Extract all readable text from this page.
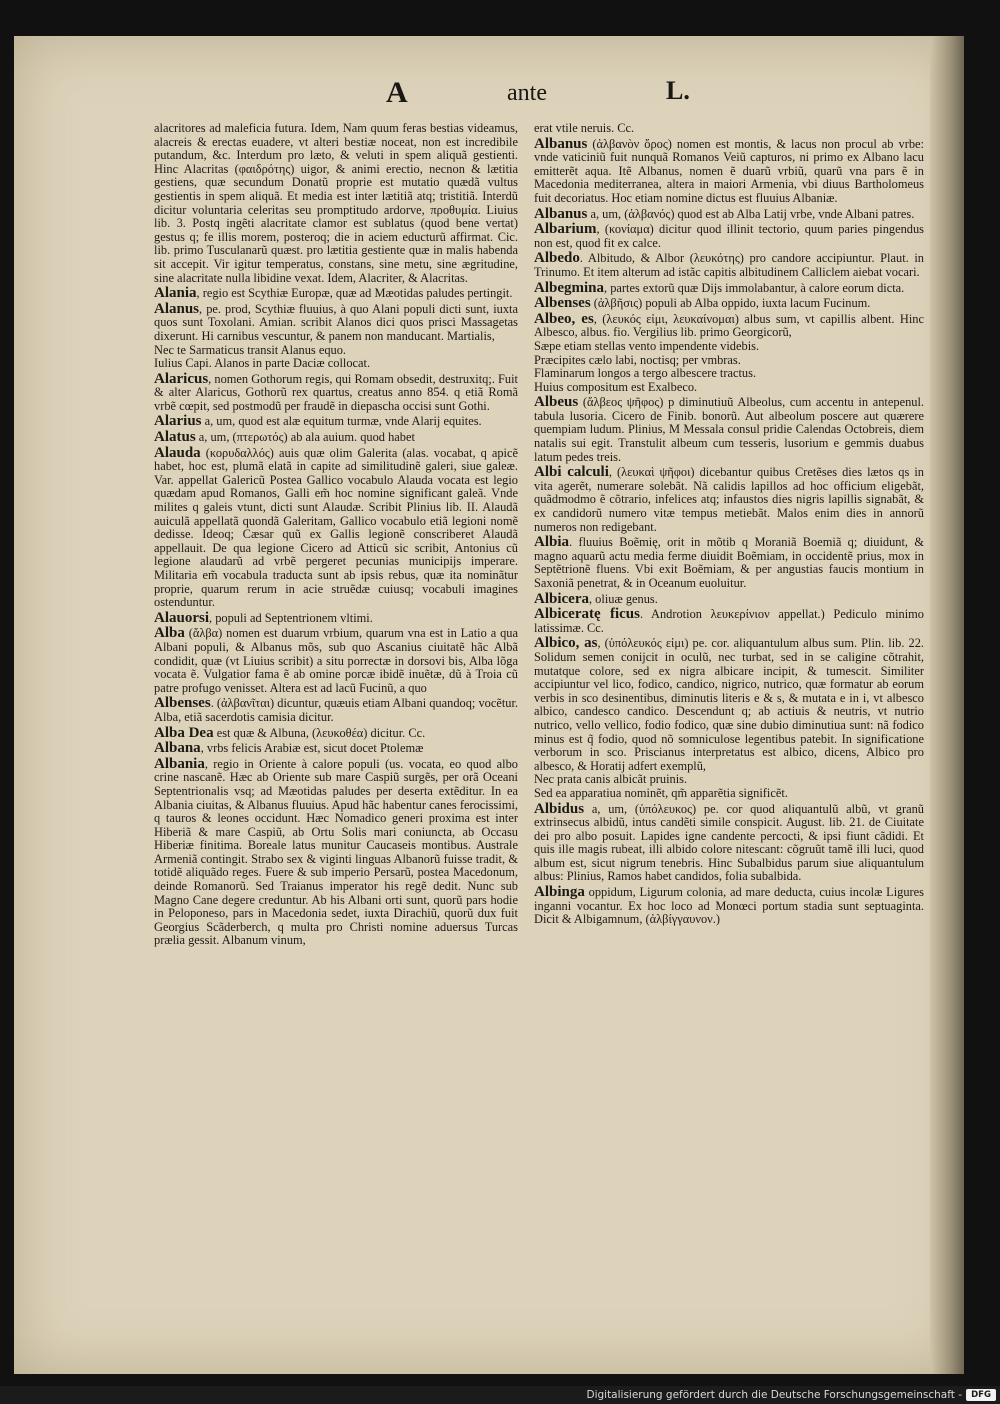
A	ante	L.

alacritores ad maleficia futura. Idem, Nam quum feras bestias videamus, alacreis & erectas euadere, vt alteri bestiæ noceat, non est incredibile putandum, &c. Interdum pro læto, & veluti in spem aliquã gestienti. Hinc Alacritas (φαιδρότης) uigor, & animi erectio, necnon & lætitia gestiens, quæ secundum Donatũ proprie est mutatio quædã vultus gestientis in spem aliquã. Et media est inter lætitiã atq; tristitiã. Interdũ dicitur voluntaria celeritas seu promptitudo ardorve, προθυμία. Liuius lib. 3. Postq ingẽti alacritate clamor est sublatus (quod bene vertat) gestus q; fe illis morem, posteroq; die in aciem educturũ affirmat. Cic. lib. primo Tusculanarũ quæst. pro lætitia gestiente quæ in malis habenda sit accepit. Vir igitur temperatus, constans, sine metu, sine ægritudine, sine alacritate nulla libidine vexat. Idem, Alacriter, & Alacritas.

Alania, regio est Scythiæ Europæ, quæ ad Mæotidas paludes pertingit.

Alanus, pe. prod, Scythiæ fluuius, à quo Alani populi dicti sunt, iuxta quos sunt Toxolani. Amian. scribit Alanos dici quos prisci Massagetas dixerunt. Hi carnibus vescuntur, & panem non manducant. Martialis,
Nec te Sarmaticus transit Alanus equo.
Iulius Capi. Alanos in parte Daciæ collocat.

Alaricus, nomen Gothorum regis, qui Romam obsedit, destruxitq;. Fuit & alter Alaricus, Gothorũ rex quartus, creatus anno 854. q etiã Romã vrbẽ cœpit, sed postmodũ per fraudẽ in diepascha occisi sunt Gothi.

Alarius a, um, quod est alæ equitum turmæ, vnde Alarij equites.

Alatus a, um, (πτερωτός) ab ala auium. quod habet

Alauda (κορυδαλλός) auis quæ olim Galerita (alas. vocabat, q apicẽ habet, hoc est, plumã elatã in capite ad similitudinẽ galeri, siue galeæ. Var. appellat Galericũ Postea Gallico vocabulo Alauda vocata est legio quædam apud Romanos, Galli em̃ hoc nomine significant galeã. Vnde milites q galeis vtunt, dicti sunt Alaudæ. Scribit Plinius lib. II. Alaudã auiculã appellatã quondã Galeritam, Gallico vocabulo etiã legioni nomẽ dedisse. Ideoq; Cæsar quũ ex Gallis legionẽ conscriberet Alaudã appellauit. De qua legione Cicero ad Atticũ sic scribit, Antonius cũ legione alaudarũ ad vrbẽ pergeret pecunias municipijs imperare. Militaria em̃ vocabula traducta sunt ab ipsis rebus, quæ ita nominãtur proprie, quarum rerum in acie struẽdæ cuiusq; vocabuli imagines ostenduntur.

Alauorsi, populi ad Septentrionem vltimi.

Alba (ἄλβα) nomen est duarum vrbium, quarum vna est in Latio a qua Albani populi, & Albanus mõs, sub quo Ascanius ciuitatẽ hãc Albã condidit, quæ (vt Liuius scribit) a situ porrectæ in dorsovi bis, Alba lõga vocata ẽ. Vulgatior fama ẽ ab omine porcæ ibidẽ inuẽtæ, dũ à Troia cũ patre profugo venisset. Altera est ad lacũ Fucinũ, a quo

Albenses. (ἀλβανῖται) dicuntur, quæuis etiam Albani quandoq; vocẽtur. Alba, etiã sacerdotis camisia dicitur.

Alba Dea est quæ & Albuna, (λευκοθέα) dicitur. Cc.

Albana, vrbs felicis Arabiæ est, sicut docet Ptolemæ

Albania, regio in Oriente à calore populi (us. vocata, eo quod albo crine nascanẽ. Hæc ab Oriente sub mare Caspiũ surgẽs, per orã Oceani Septentrionalis vsq; ad Mæotidas paludes per deserta extẽditur. In ea Albania ciuitas, & Albanus fluuius. Apud hãc habentur canes ferocissimi, q tauros & leones occidunt. Hæc Nomadico generi proxima est inter Hiberiã & mare Caspiũ, ab Ortu Solis mari coniuncta, ab Occasu Hiberiæ finitima. Boreale latus munitur Caucaseis montibus. Australe Armeniã contingit. Strabo sex & viginti linguas Albanorũ fuisse tradit, & totidẽ aliquãdo reges. Fuere & sub imperio Persarũ, postea Macedonum, deinde Romanorũ. Sed Traianus imperator his regẽ dedit. Nunc sub Magno Cane degere creduntur. Ab his Albani orti sunt, quorũ pars hodie in Peloponeso, pars in Macedonia sedet, iuxta Dirachiũ, quorũ dux fuit Georgius Scãderberch, q multa pro Christi nomine aduersus Turcas prælia gessit. Albanum vinum,

erat vtile neruis. Cc.

Albanus (ἀλβανὸν ὄρος) nomen est montis, & lacus non procul ab vrbe: vnde vaticiniũ fuit nunquã Romanos Veiũ capturos, ni primo ex Albano lacu emitterẽt aqua. Itẽ Albanus, nomen ẽ duarũ vrbiũ, quarũ vna pars ẽ in Macedonia mediterranea, altera in maiori Armenia, vbi diuus Bartholomeus fuit decoriatus. Hoc etiam nomine dictus est fluuius Albaniæ.

Albanus a, um, (ἀλβανός) quod est ab Alba Latij vrbe, vnde Albani patres.

Albarium, (κονίαμα) dicitur quod illinit tectorio, quum paries pingendus non est, quod fit ex calce.

Albedo. Albitudo, & Albor (λευκότης) pro candore accipiuntur. Plaut. in Trinumo. Et item alterum ad istãc capitis albitudinem Calliclem aiebat vocari.

Albegmina, partes extorũ quæ Dijs immolabantur, à calore eorum dicta.

Albenses (ἀλβῆσις) populi ab Alba oppido, iuxta lacum Fucinum.

Albeo, es, (λευκός εἰμι, λευκαίνομαι) albus sum, vt capillis albent. Hinc Albesco, albus. fio. Vergilius lib. primo Georgicorũ,
Sæpe etiam stellas vento impendente videbis.
Præcipites cælo labi, noctisq; per vmbras.
Flaminarum longos a tergo albescere tractus.
Huius compositum est Exalbeco.

Albeus (ἄλβεος ψῆφος) p diminutiuũ Albeolus, cum accentu in antepenul. tabula lusoria. Cicero de Finib. bonorũ. Aut albeolum poscere aut quærere quempiam ludum. Plinius, M Messala consul pridie Calendas Octobreis, diem natalis sui egit. Transtulit albeum cum tesseris, lusorium e gemmis duabus latum pedes treis.

Albi calculi, (λευκαὶ ψῆφοι) dicebantur quibus Cretẽses dies lætos qs in vita agerẽt, numerare solebãt. Nã calidis lapillos ad hoc officium eligebãt, quãdmodmo ẽ cõtrario, infelices atq; infaustos dies nigris lapillis signabãt, & ex candidorũ numero vitæ tempus metiebãt. Malos enim dies in annorũ numeros non redigebant.

Albia. fluuius Boẽmię, orit in mõtib q Moraniã Boemiã q; diuidunt, & magno aquarũ actu media ferme diuidit Boẽmiam, in occidentẽ prius, mox in Septẽtrionẽ fluens. Vbi exit Boẽmiam, & per angustias faucis montium in Saxoniã penetrat, & in Oceanum euoluitur.

Albicera, oliuæ genus.

Albiceratę ficus. Androtion λευκερίνιον appellat.) Pediculo minimo latissimæ. Cc.

Albico, as, (ὑπόλευκός εἰμι) pe. cor. aliquantulum albus sum. Plin. lib. 22. Solidum semen conijcit in oculũ, nec turbat, sed in se caligine cõtrahit, mutatque colore, sed ex nigra albicare incipit, & tumescit. Similiter accipiuntur vel lico, fodico, candico, nigrico, nutrico, quæ formatur ab eorum verbis in sco desinentibus, diminutis literis e & s, & mutata e in i, vt albesco albico, candesco candico. Descendunt q; ab actiuis & neutris, vt nutrio nutrico, vello vellico, fodio fodico, quæ sine dubio diminutiua sunt: nã fodico minus est q̃ fodio, quod nõ somniculose legentibus patebit. In significatione verborum in sco. Priscianus interpretatus est albico, dicens, Albico pro albesco, & Horatij adfert exemplũ,
Nec prata canis albicãt pruinis.
Sed ea apparatiua nominẽt, qm̃ apparẽtia significẽt.

Albidus a, um, (ὑπόλευκος) pe. cor quod aliquantulũ albũ, vt granũ extrinsecus albidũ, intus candẽti simile conspicit. August. lib. 21. de Ciuitate dei pro albo posuit. Lapides igne candente percocti, & ipsi fiunt cãdidi. Et quis ille magis rubeat, illi albido colore nitescant: cõgruũt tamẽ illi luci, quod album est, sicut nigrum tenebris. Hinc Subalbidus parum siue aliquantulum albus: Plinius, Ramos habet candidos, folia subalbida.

Albinga oppidum, Ligurum colonia, ad mare deducta, cuius incolæ Ligures inganni vocantur. Ex hoc loco ad Monœci portum stadia sunt septuaginta. Dicit & Albigamnum, (ἀλβίγγαυνον.)

Digitalisierung gefördert durch die Deutsche Forschungsgemeinschaft -	DFG
